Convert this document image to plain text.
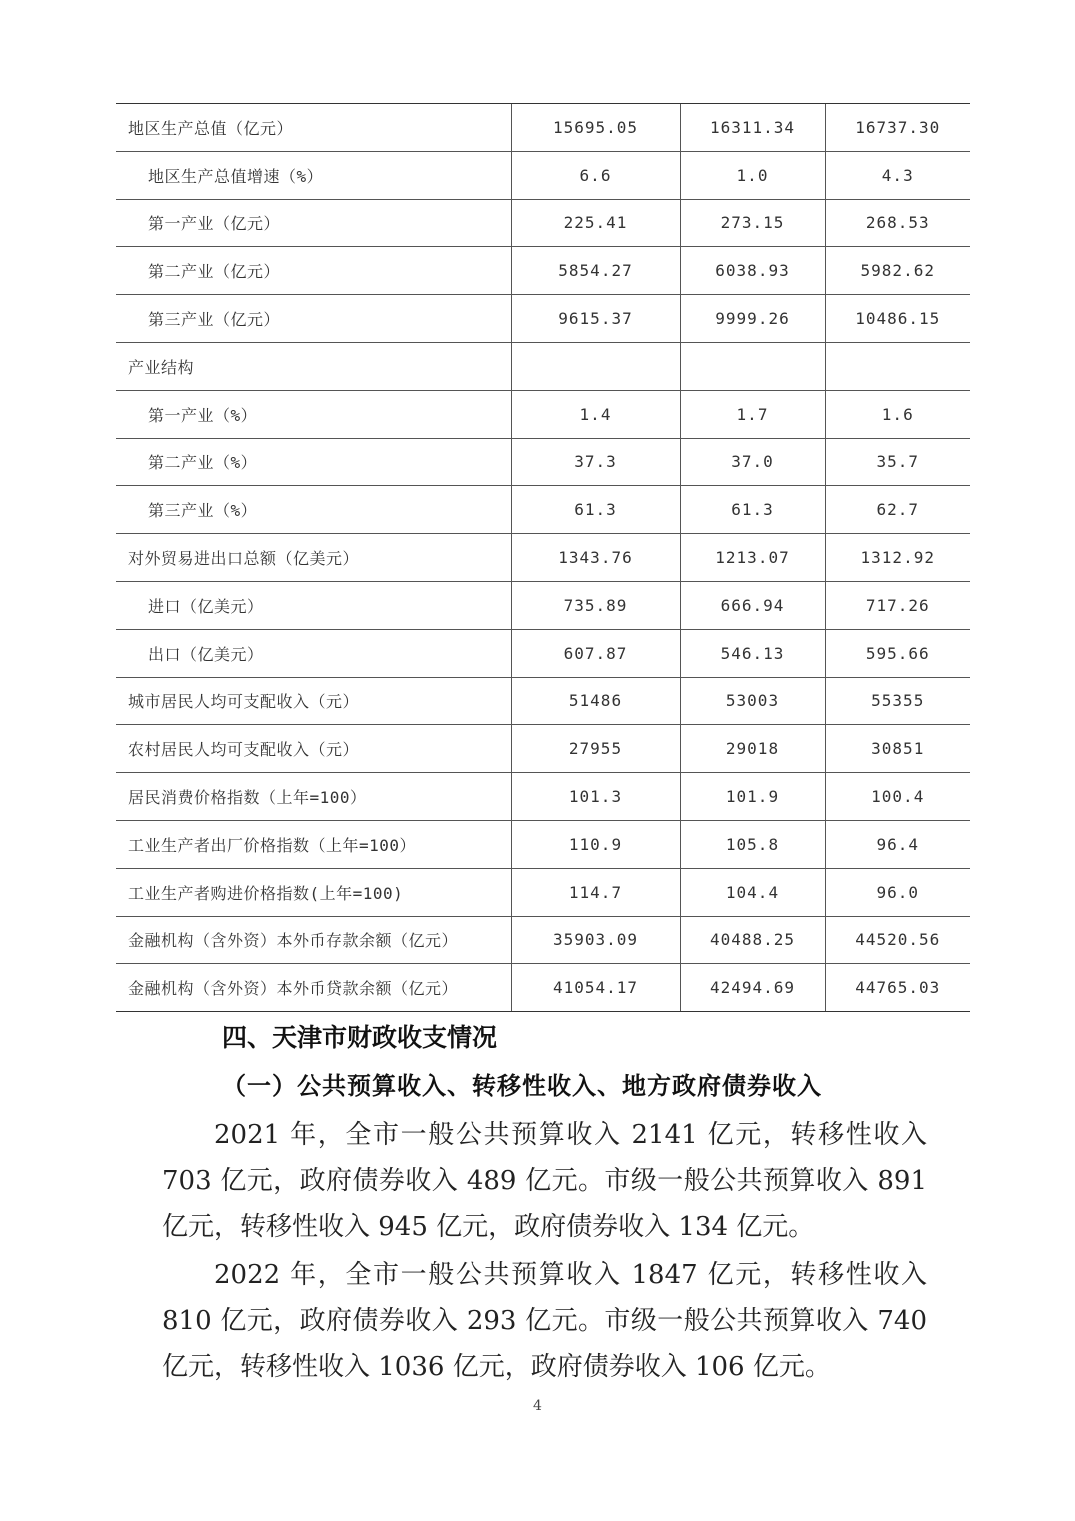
地区生产总值（亿元）	15695.05	16311.34	16737.30
地区生产总值增速（%）	6.6	1.0	4.3
第一产业（亿元）	225.41	273.15	268.53
第二产业（亿元）	5854.27	6038.93	5982.62
第三产业（亿元）	9615.37	9999.26	10486.15
产业结构			
第一产业（%）	1.4	1.7	1.6
第二产业（%）	37.3	37.0	35.7
第三产业（%）	61.3	61.3	62.7
对外贸易进出口总额（亿美元）	1343.76	1213.07	1312.92
进口（亿美元）	735.89	666.94	717.26
出口（亿美元）	607.87	546.13	595.66
城市居民人均可支配收入（元）	51486	53003	55355
农村居民人均可支配收入（元）	27955	29018	30851
居民消费价格指数（上年=100）	101.3	101.9	100.4
工业生产者出厂价格指数（上年=100）	110.9	105.8	96.4
工业生产者购进价格指数(上年=100)	114.7	104.4	96.0
金融机构（含外资）本外币存款余额（亿元）	35903.09	40488.25	44520.56
金融机构（含外资）本外币贷款余额（亿元）	41054.17	42494.69	44765.03
四、天津市财政收支情况
（一）公共预算收入、转移性收入、地方政府债券收入

2021 年，全市一般公共预算收入 2141 亿元，转移性收入 703 亿元，政府债券收入 489 亿元。市级一般公共预算收入 891 亿元，转移性收入 945 亿元，政府债券收入 134 亿元。

2022 年，全市一般公共预算收入 1847 亿元，转移性收入 810 亿元，政府债券收入 293 亿元。市级一般公共预算收入 740 亿元，转移性收入 1036 亿元，政府债券收入 106 亿元。

4
